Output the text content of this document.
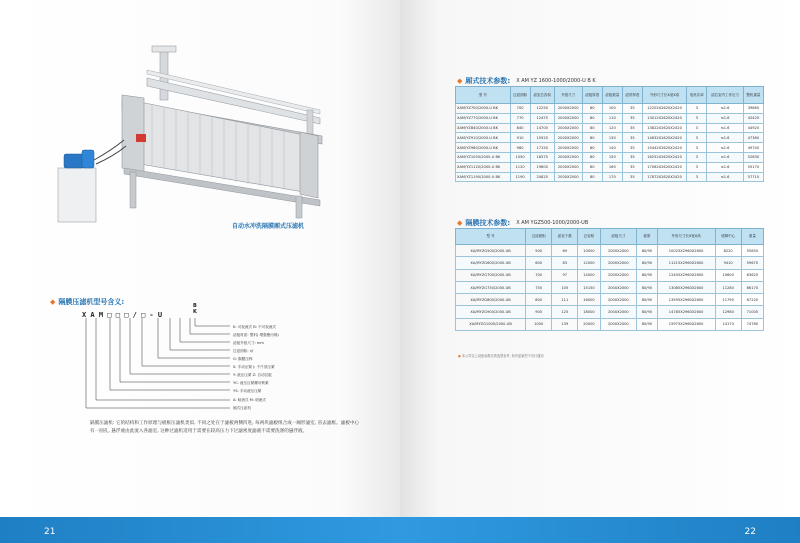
自动水冲洗隔膜厢式压滤机
◆ 隔膜压滤机型号含义:
X A M □ □ □ / □ - U
B K
K: 可视流式 B: 不可视流式
滤板材质: 塑料( 增强聚丙烯)
滤板外框尺寸: mm
过滤面积: ㎡
G: 隔膜压榨
S: 手动压紧 J: 千斤顶压紧
Y: 液压压紧 Z: 自动拉板
YC: 液压压紧螺母锁紧
YS: 手动液压压紧
A: 暗流式 M: 明流式
厢式压滤机
隔膜压滤机: 它的结构和工作原理与板框压滤机类似, 不同之处在于滤板两侧凹进, 每两块滤板组合成一厢形滤室, 省去滤框。滤板中心有一圆孔, 悬浮液由此流入各滤室, 这种过滤机适用于需要在较高压力下过滤密度滤液不需要洗涤的悬浮液。
21	22
◆ 厢式技术参数: X AM YZ 1600-1000/2000-U B K
型 号	过滤面积	滤室总容积	外框尺寸	滤板厚度	滤板数量	滤饼厚度	外形尺寸长X宽X高	电机功率	滤芯室内工作压力	整机重量
XAM/YZ700/2000-U BK	700	12250	2000X2000	80	100	35	12202X2620X2420	3	≤1.6	39860
XAM/YZ770/2000-U BK	770	12475	2000X2000	80	110	35	13012X2620X2420	3	≤1.6	42420
XAM/YZ840/2000-U BK	840	14700	2000X2000	80	120	35	13822X2620X2420	3	≤1.6	44920
XAM/YZ910/2000-U BK	910	15925	2000X2000	80	130	35	14632X2620X2420	3	≤1.6	47360
XAM/YZ980/2000-U BK	980	17150	2000X2000	80	140	35	15442X2620X2420	3	≤1.6	49740
XAM/YZ1050/2000-U BK	1050	18375	2000X2000	80	150	35	16252X2620X2420	3	≤1.6	52630
XAM/YZ1120/2000-U BK	1120	19600	2000X2000	80	160	35	17062X2620X2420	3	≤1.6	55170
XAM/YZ1190/2000-U BK	1190	20825	2000X2000	80	170	35	17872X2620X2420	3	≤1.6	57710
◆ 隔膜技术参数: X AM YGZ500-1000/2000-UB
型 号	过滤面积	滤室个数	总容积	滤板尺寸	板厚	外形尺寸长X宽X高	底脚中心	重量
XA/MYZG500/2000-UB	500	69	10000	2000X2000	80/90	10025X2960X2600	8220	55650
XA/MYZG600/2000-UB	600	83	12000	2000X2000	80/90	11215X2960X2600	9410	59670
XA/MYZG700/2000-UB	700	97	14000	2000X2000	80/90	12405X2960X2600	10600	63620
XA/MYZG750/2000-UB	750	105	15150	2000X2000	80/90	13085X2960X2600	11280	66170
XA/MYZG800/2000-UB	800	111	16000	2000X2000	80/90	13595X2960X2600	11790	67220
XA/MYZG900/2000-UB	900	125	18000	2000X2000	80/90	14785X2960X2600	12980	71000
XA/MYZG1000/2000-UB	1000	139	20000	2000X2000	80/90	15975X2960X2600	14170	74780
● 本公司以上设备参数仅供选型参考, 如有更新恕不另行通知
